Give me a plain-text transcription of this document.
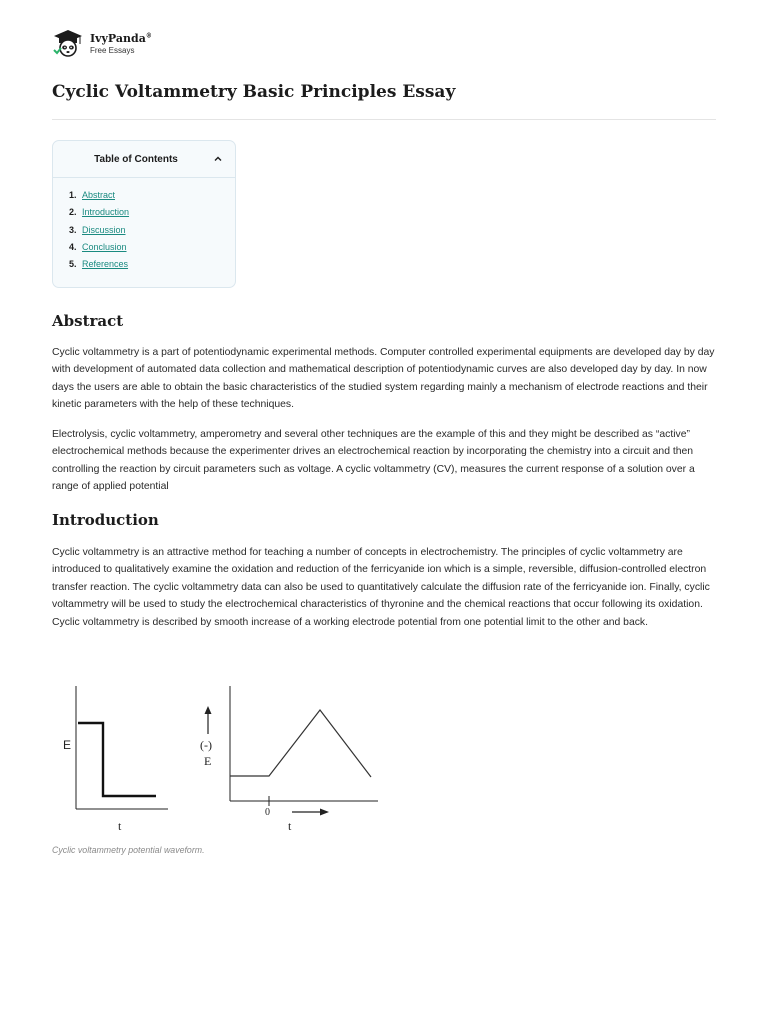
IvyPanda®
Free Essays
Cyclic Voltammetry Basic Principles Essay
Table of Contents
1. Abstract
2. Introduction
3. Discussion
4. Conclusion
5. References
Abstract

Cyclic voltammetry is a part of potentiodynamic experimental methods. Computer controlled experimental equipments are developed day by day with development of automated data collection and mathematical description of potentiodynamic curves are also developed day by day. In now days the users are able to obtain the basic characteristics of the studied system regarding mainly a mechanism of electrode reactions and their kinetic parameters with the help of these techniques.

Electrolysis, cyclic voltammetry, amperometry and several other techniques are the example of this and they might be described as “active” electrochemical methods because the experimenter drives an electrochemical reaction by incorporating the chemistry into a circuit and then controlling the reaction by circuit parameters such as voltage. A cyclic voltammetry (CV), measures the current response of a solution over a range of applied potential

Introduction

Cyclic voltammetry is an attractive method for teaching a number of concepts in electrochemistry. The principles of cyclic voltammetry are introduced to qualitatively examine the oxidation and reduction of the ferricyanide ion which is a simple, reversible, diffusion-controlled electron transfer reaction. The cyclic voltammetry data can also be used to quantitatively calculate the diffusion rate of the ferricyanide ion. Finally, cyclic voltammetry will be used to study the electrochemical characteristics of thyronine and the chemical reactions that occur following its oxidation. Cyclic voltammetry is described by smooth increase of a working electrode potential from one potential limit to the other and back.

E
t
(-)
E
0
t

Cyclic voltammetry potential waveform.
